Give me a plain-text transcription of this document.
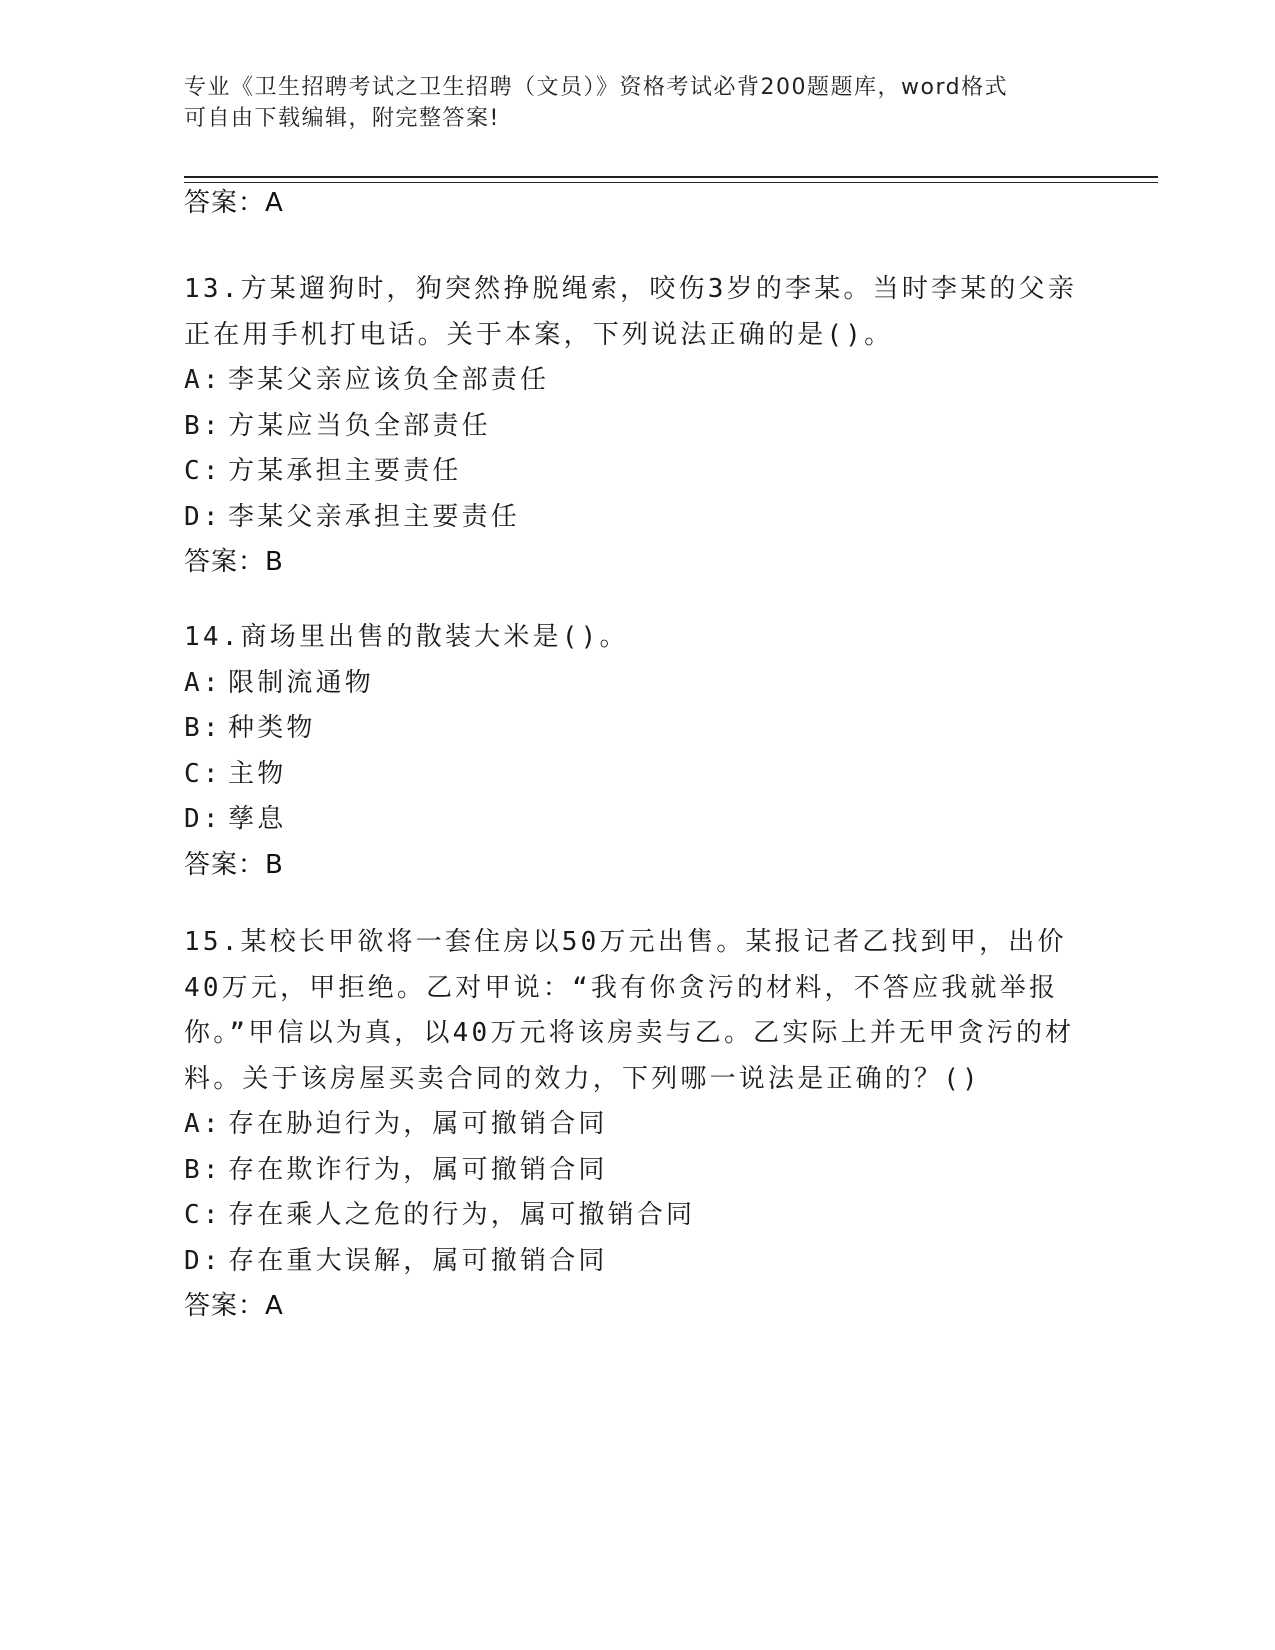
专业《卫生招聘考试之卫生招聘（文员）》资格考试必背200题题库，word格式
可自由下载编辑，附完整答案!
答案：A

13.方某遛狗时，狗突然挣脱绳索，咬伤3岁的李某。当时李某的父亲正在用手机打电话。关于本案，下列说法正确的是()。

A: 李某父亲应该负全部责任
B: 方某应当负全部责任
C: 方某承担主要责任
D: 李某父亲承担主要责任
答案：B

14.商场里出售的散装大米是()。

A: 限制流通物
B: 种类物
C: 主物
D: 孳息
答案：B

15.某校长甲欲将一套住房以50万元出售。某报记者乙找到甲，出价40万元，甲拒绝。乙对甲说：“我有你贪污的材料，不答应我就举报你。”甲信以为真，以40万元将该房卖与乙。乙实际上并无甲贪污的材料。关于该房屋买卖合同的效力，下列哪一说法是正确的？()

A: 存在胁迫行为，属可撤销合同
B: 存在欺诈行为，属可撤销合同
C: 存在乘人之危的行为，属可撤销合同
D: 存在重大误解，属可撤销合同
答案：A
